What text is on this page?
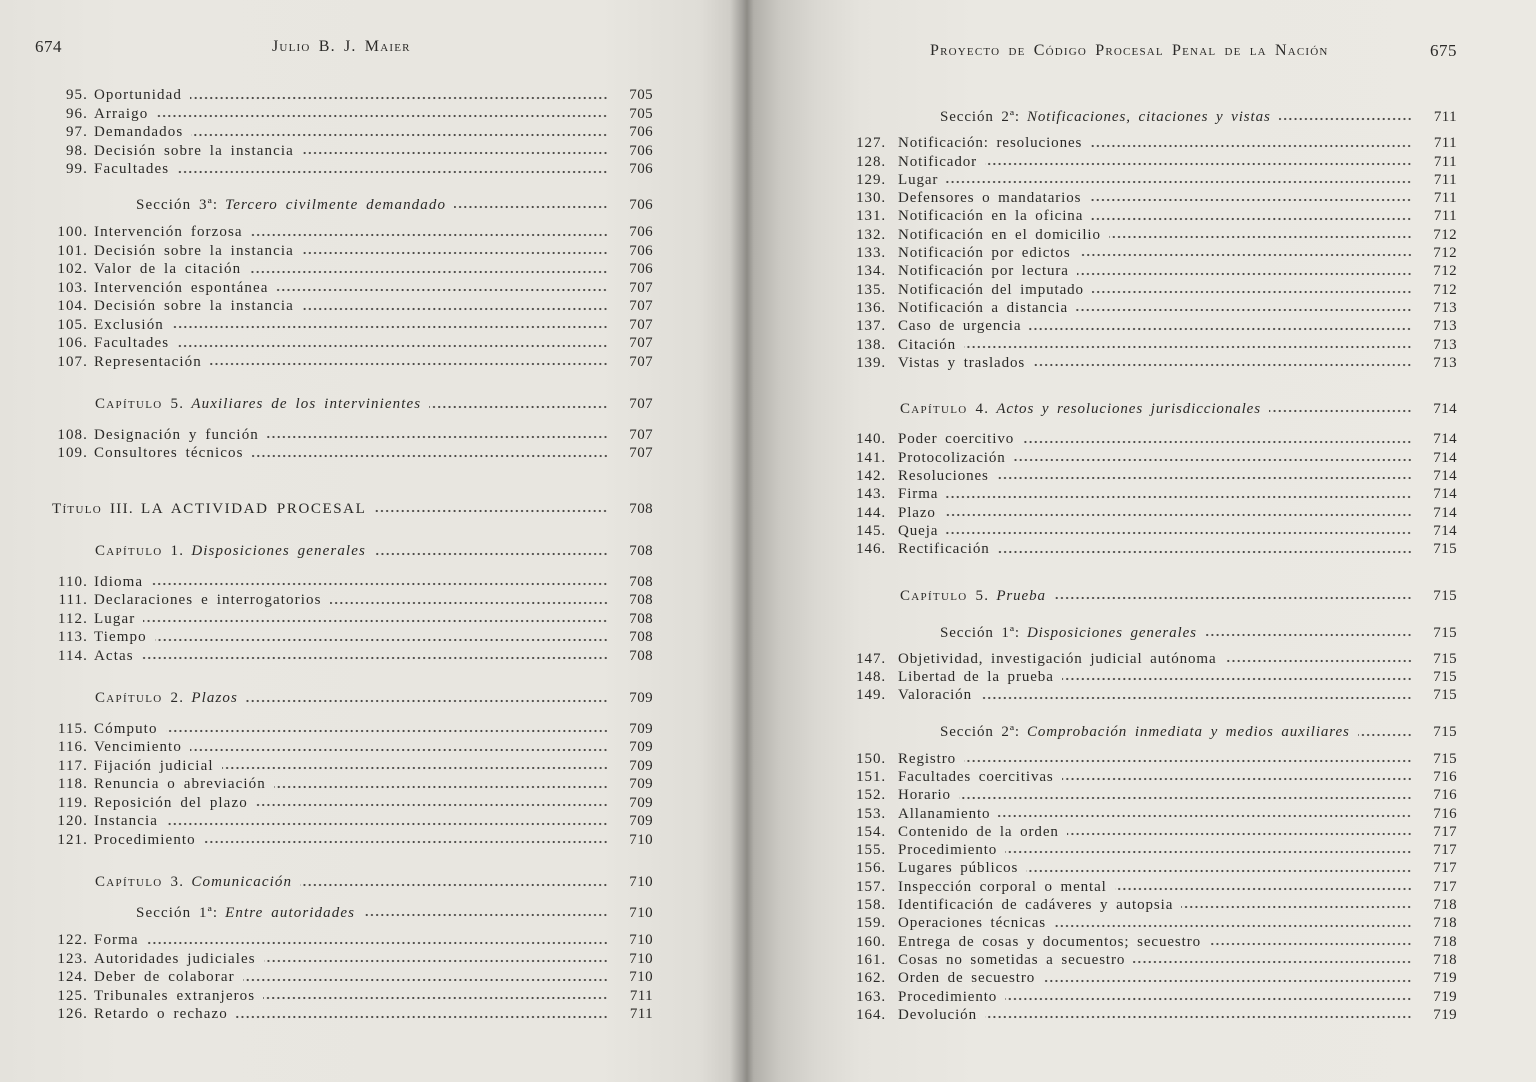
674	Julio B. J. Maier
95. Oportunidad	705
96. Arraigo	705
97. Demandados	706
98. Decisión sobre la instancia	706
99. Facultades	706
Sección 3ª: Tercero civilmente demandado	706
100. Intervención forzosa	706
101. Decisión sobre la instancia	706
102. Valor de la citación	706
103. Intervención espontánea	707
104. Decisión sobre la instancia	707
105. Exclusión	707
106. Facultades	707
107. Representación	707
Capítulo 5. Auxiliares de los intervinientes	707
108. Designación y función	707
109. Consultores técnicos	707
Título III. LA ACTIVIDAD PROCESAL	708
Capítulo 1. Disposiciones generales	708
110. Idioma	708
111. Declaraciones e interrogatorios	708
112. Lugar	708
113. Tiempo	708
114. Actas	708
Capítulo 2. Plazos	709
115. Cómputo	709
116. Vencimiento	709
117. Fijación judicial	709
118. Renuncia o abreviación	709
119. Reposición del plazo	709
120. Instancia	709
121. Procedimiento	710
Capítulo 3. Comunicación	710
Sección 1ª: Entre autoridades	710
122. Forma	710
123. Autoridades judiciales	710
124. Deber de colaborar	710
125. Tribunales extranjeros	711
126. Retardo o rechazo	711
Proyecto de Código Procesal Penal de la Nación	675
Sección 2ª: Notificaciones, citaciones y vistas	711
127. Notificación: resoluciones	711
128. Notificador	711
129. Lugar	711
130. Defensores o mandatarios	711
131. Notificación en la oficina	711
132. Notificación en el domicilio	712
133. Notificación por edictos	712
134. Notificación por lectura	712
135. Notificación del imputado	712
136. Notificación a distancia	713
137. Caso de urgencia	713
138. Citación	713
139. Vistas y traslados	713
Capítulo 4. Actos y resoluciones jurisdiccionales	714
140. Poder coercitivo	714
141. Protocolización	714
142. Resoluciones	714
143. Firma	714
144. Plazo	714
145. Queja	714
146. Rectificación	715
Capítulo 5. Prueba	715
Sección 1ª: Disposiciones generales	715
147. Objetividad, investigación judicial autónoma	715
148. Libertad de la prueba	715
149. Valoración	715
Sección 2ª: Comprobación inmediata y medios auxiliares	715
150. Registro	715
151. Facultades coercitivas	716
152. Horario	716
153. Allanamiento	716
154. Contenido de la orden	717
155. Procedimiento	717
156. Lugares públicos	717
157. Inspección corporal o mental	717
158. Identificación de cadáveres y autopsia	718
159. Operaciones técnicas	718
160. Entrega de cosas y documentos; secuestro	718
161. Cosas no sometidas a secuestro	718
162. Orden de secuestro	719
163. Procedimiento	719
164. Devolución	719
